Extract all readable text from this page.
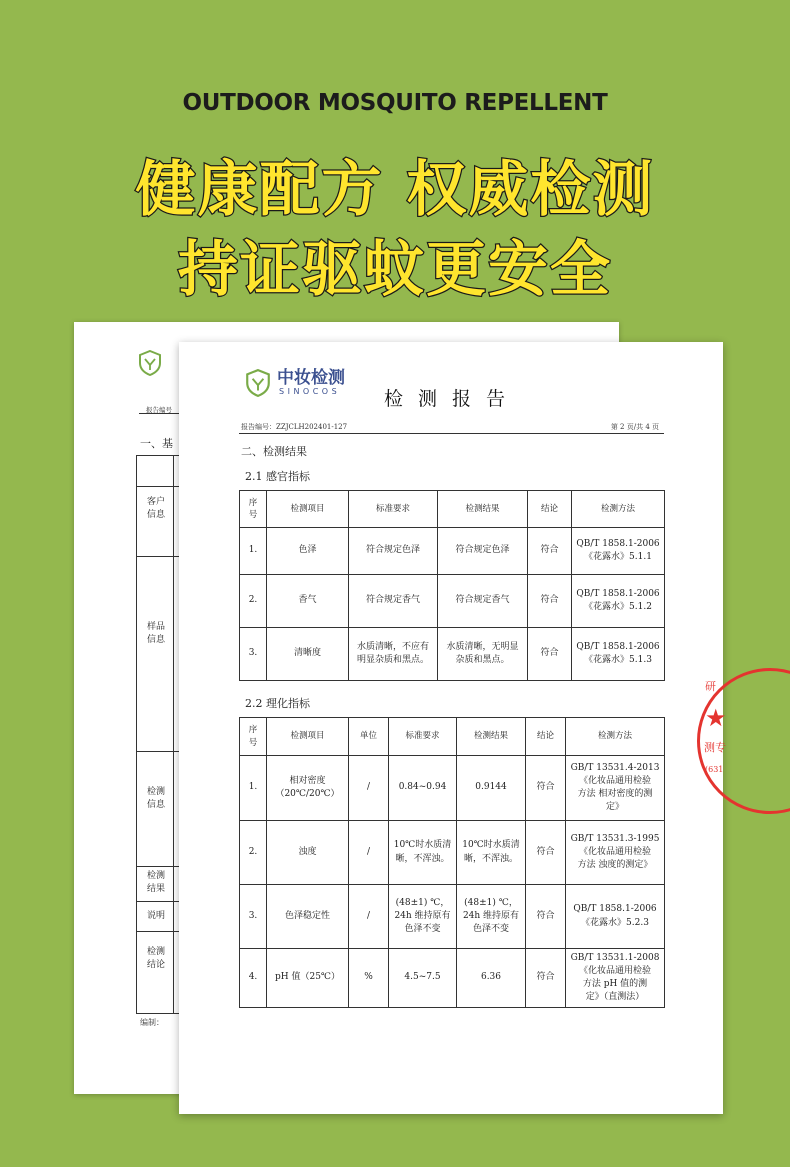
OUTDOOR MOSQUITO REPELLENT
健康配方 权威检测
持证驱蚊更安全
报告编号
一、基
客户信息
样品信息
检测信息
检测结果
说明
检测结论
编制：
中妆检测
SINOCOS 检测报告
报告编号：ZZJCLH202401-127	第 2 页/共 4 页
二、检测结果
2.1 感官指标
序
号	检测项目	标准要求	检测结果	结论	检测方法
1.	色泽	符合规定色泽	符合规定色泽	符合	QB/T 1858.1-2006
《花露水》5.1.1
2.	香气	符合规定香气	符合规定香气	符合	QB/T 1858.1-2006
《花露水》5.1.2
3.	清晰度	水质清晰，不应有
明显杂质和黑点。	水质清晰，无明显
杂质和黑点。	符合	QB/T 1858.1-2006
《花露水》5.1.3
2.2 理化指标
序
号	检测项目	单位	标准要求	检测结果	结论	检测方法
1.	相对密度
（20℃/20℃）	/	0.84~0.94	0.9144	符合	GB/T 13531.4-2013
《化妆品通用检验
方法 相对密度的测
定》
2.	浊度	/	10℃时水质清
晰，不浑浊。	10℃时水质清
晰，不浑浊。	符合	GB/T 13531.3-1995
《化妆品通用检验
方法 浊度的测定》
3.	色泽稳定性	/	(48±1) ℃，
24h 维持原有
色泽不变	(48±1) ℃，
24h 维持原有
色泽不变	符合	QB/T 1858.1-2006
《花露水》5.2.3
4.	pH 值（25℃）	%	4.5~7.5	6.36	符合	GB/T 13531.1-2008
《化妆品通用检验
方法 pH 值的测
定》（直测法）
研
★
测专
(631
